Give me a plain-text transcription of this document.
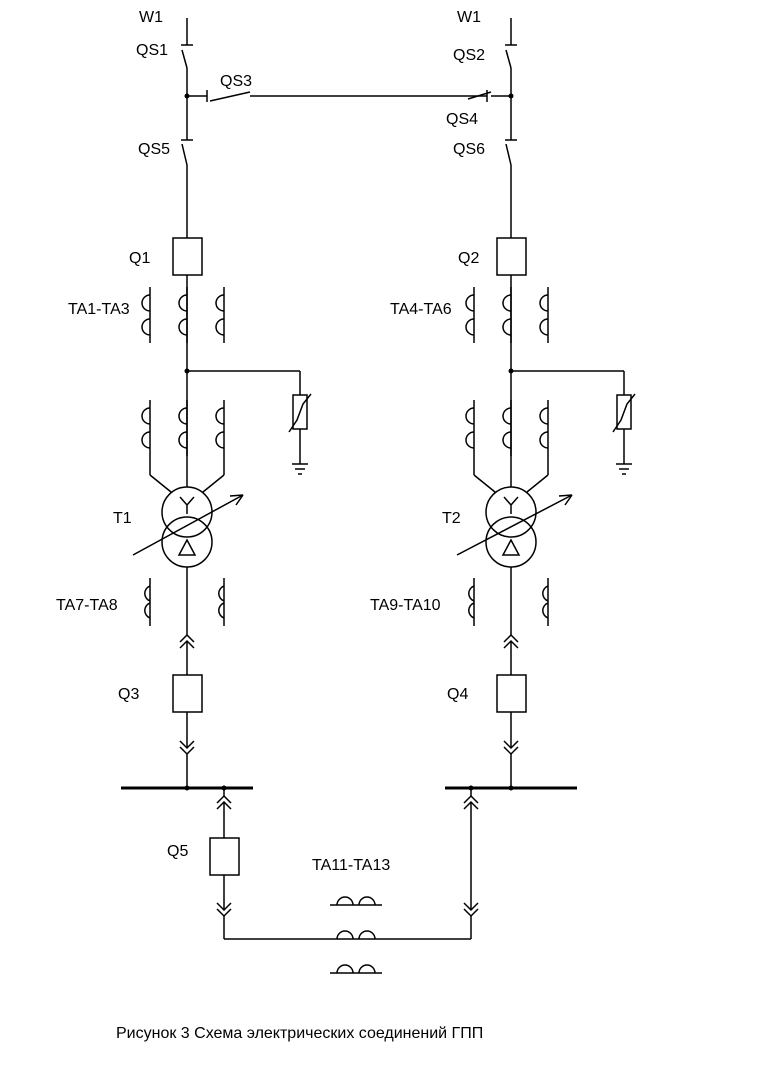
W1	W1
QS1	QS2
QS3
QS4
QS5	QS6
Q1	Q2
TA1-TA3	TA4-TA6
T1	T2
TA7-TA8	TA9-TA10
Q3	Q4
Q5
TA11-TA13
Рисунок 3 Схема электрических соединений ГПП
